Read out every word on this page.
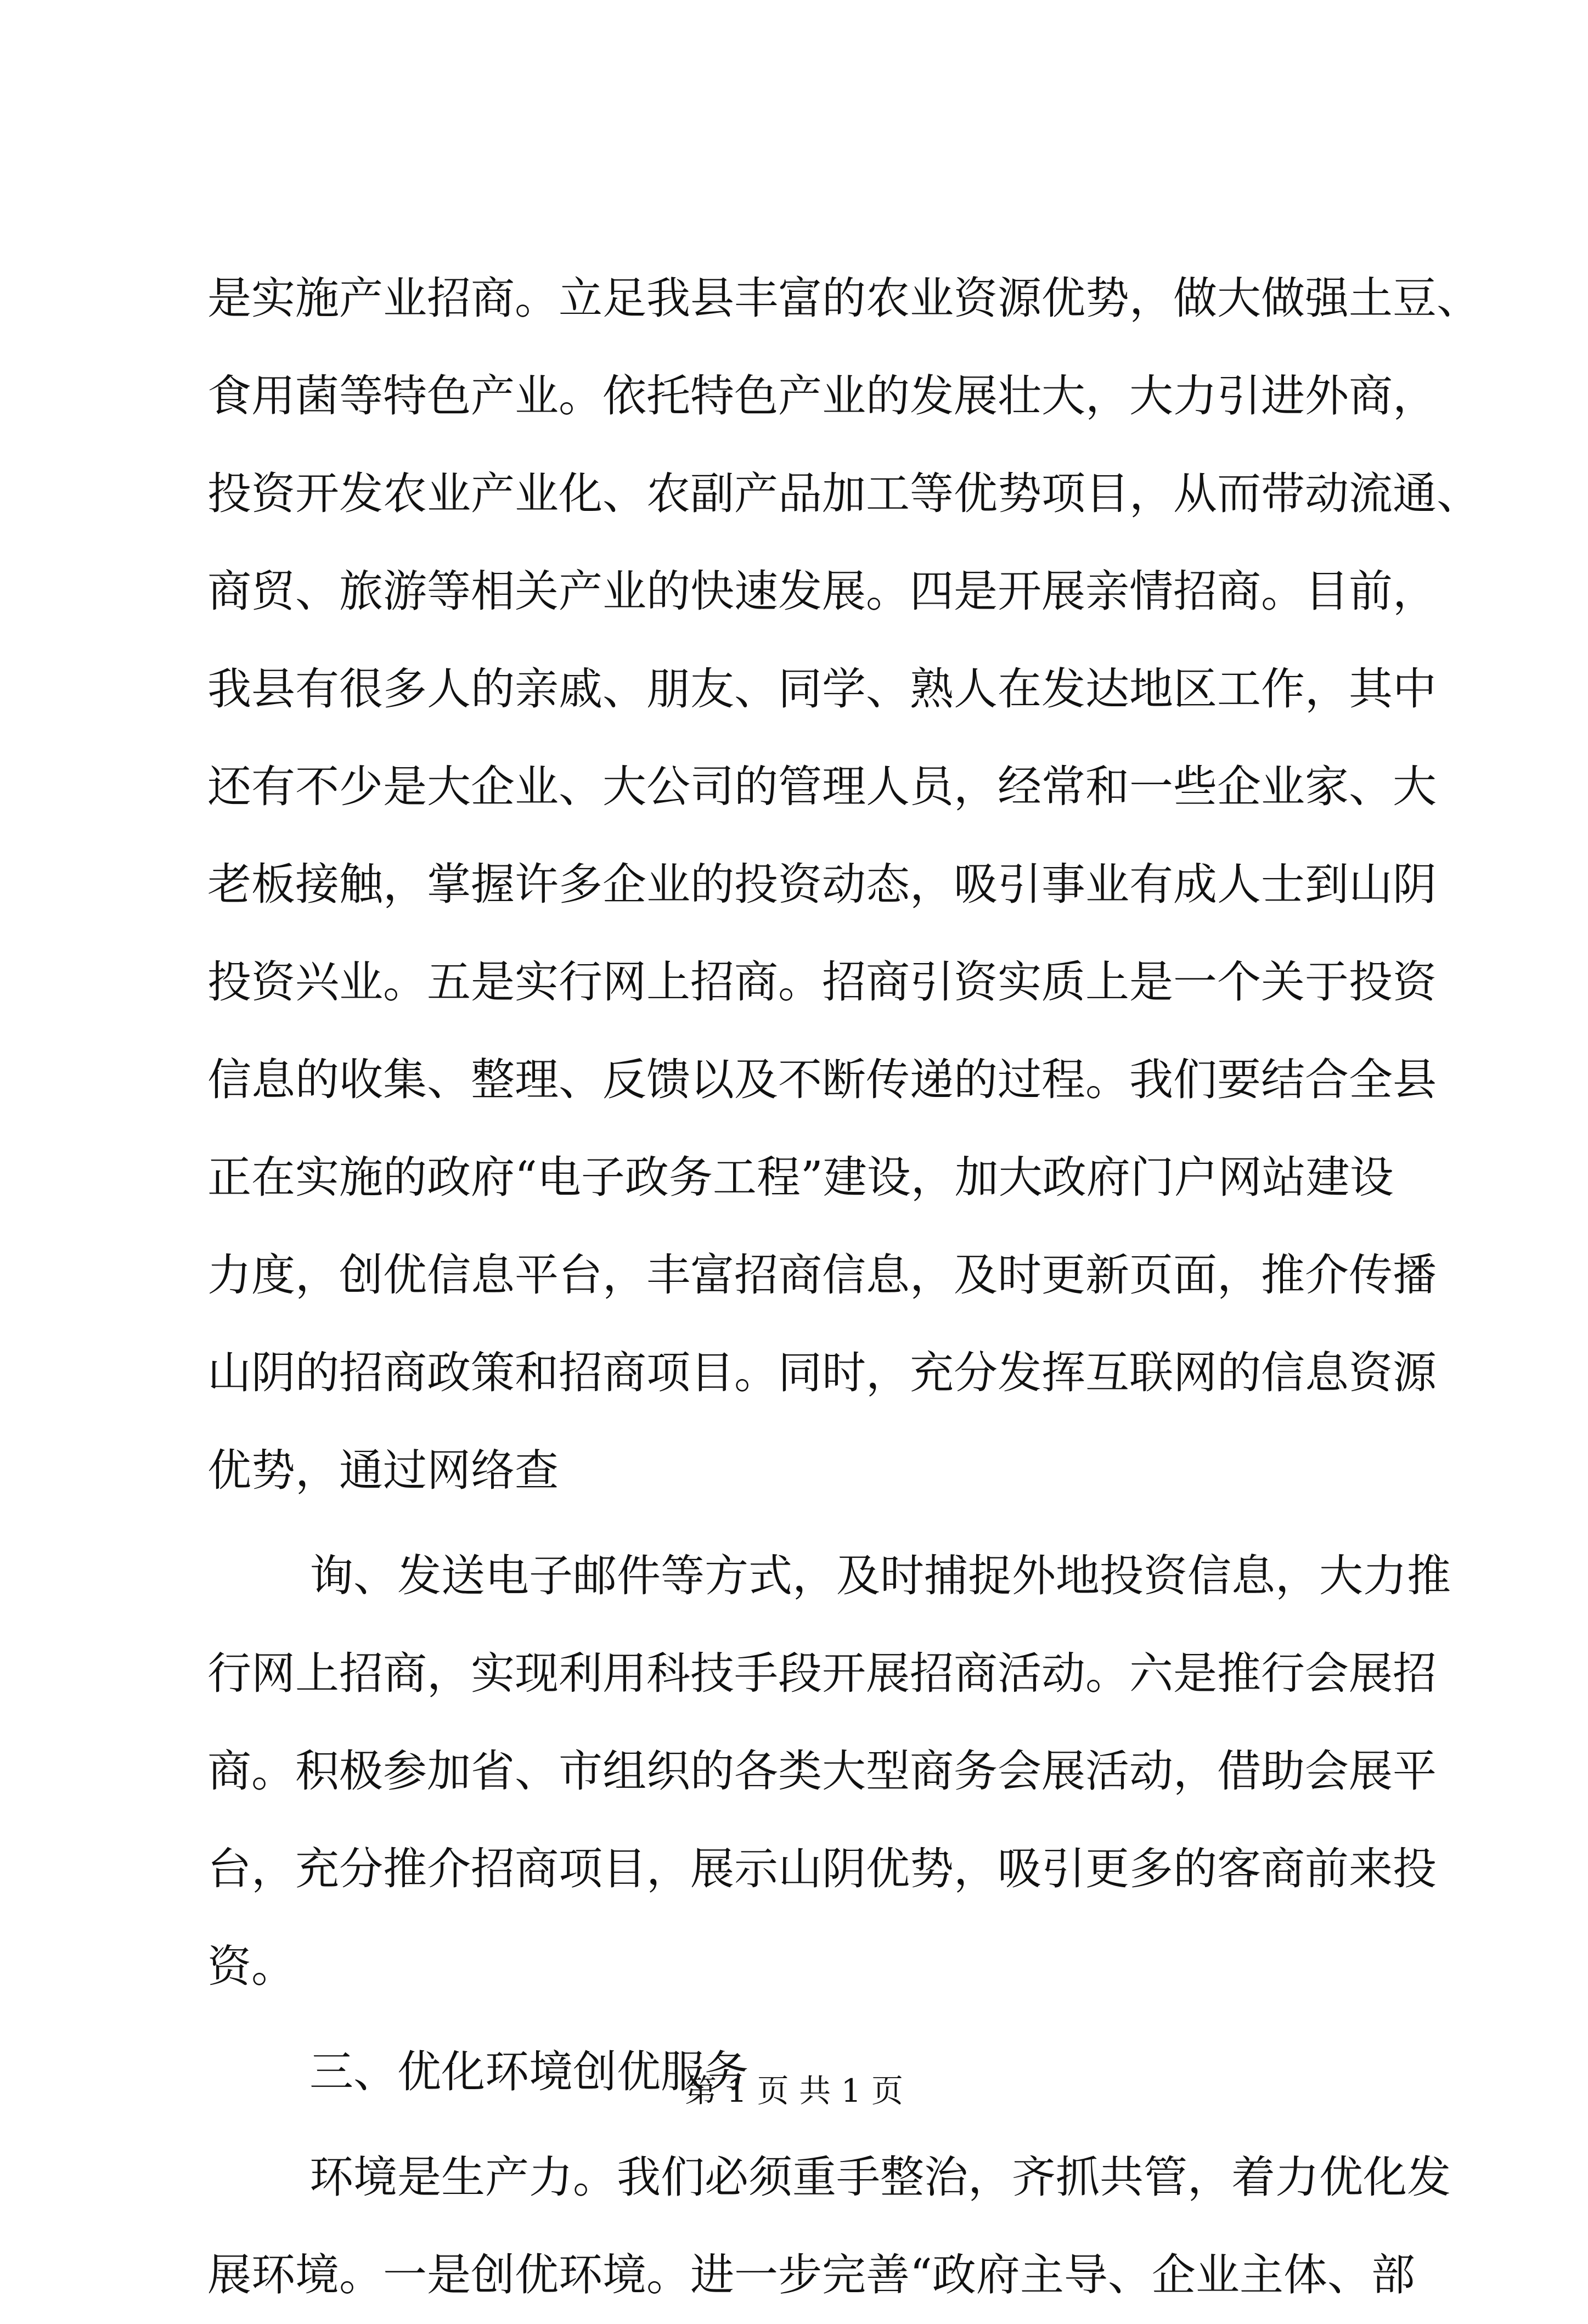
是实施产业招商。立足我县丰富的农业资源优势，做大做强土豆、
食用菌等特色产业。依托特色产业的发展壮大，大力引进外商，
投资开发农业产业化、农副产品加工等优势项目，从而带动流通、
商贸、旅游等相关产业的快速发展。四是开展亲情招商。目前，
我县有很多人的亲戚、朋友、同学、熟人在发达地区工作，其中
还有不少是大企业、大公司的管理人员，经常和一些企业家、大
老板接触，掌握许多企业的投资动态，吸引事业有成人士到山阴
投资兴业。五是实行网上招商。招商引资实质上是一个关于投资
信息的收集、整理、反馈以及不断传递的过程。我们要结合全县
正在实施的政府“电子政务工程”建设，加大政府门户网站建设
力度，创优信息平台，丰富招商信息，及时更新页面，推介传播
山阴的招商政策和招商项目。同时，充分发挥互联网的信息资源
优势，通过网络查
询、发送电子邮件等方式，及时捕捉外地投资信息，大力推
行网上招商，实现利用科技手段开展招商活动。六是推行会展招
商。积极参加省、市组织的各类大型商务会展活动，借助会展平
台，充分推介招商项目，展示山阴优势，吸引更多的客商前来投
资。
三、优化环境创优服务
环境是生产力。我们必须重手整治，齐抓共管，着力优化发
展环境。一是创优环境。进一步完善“政府主导、企业主体、部
第 1 页 共 1 页
